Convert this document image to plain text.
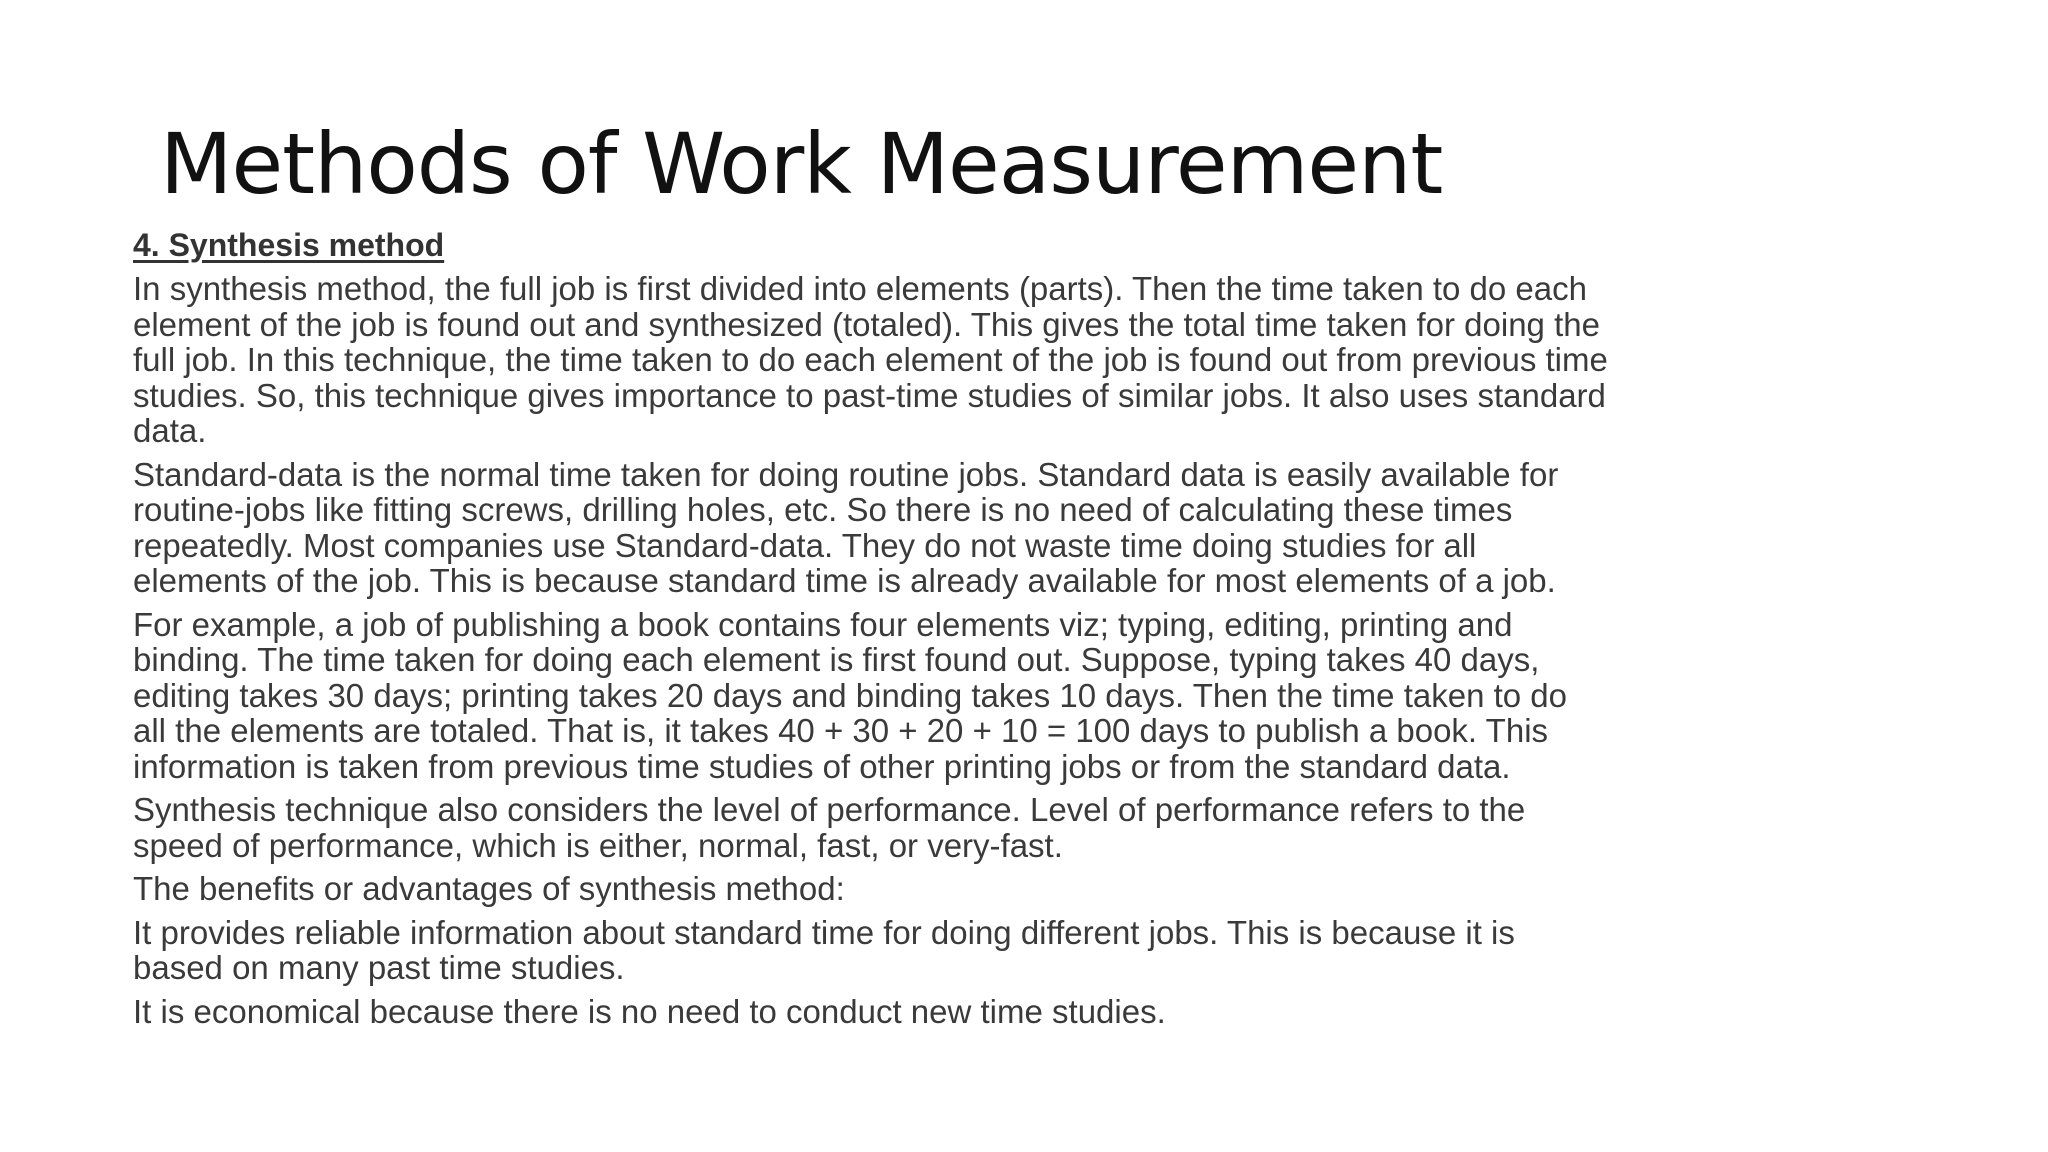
Methods of Work Measurement
4. Synthesis method

In synthesis method, the full job is first divided into elements (parts). Then the time taken to do each element of the job is found out and synthesized (totaled). This gives the total time taken for doing the full job. In this technique, the time taken to do each element of the job is found out from previous time studies. So, this technique gives importance to past-time studies of similar jobs. It also uses standard data.

Standard-data is the normal time taken for doing routine jobs. Standard data is easily available for routine-jobs like fitting screws, drilling holes, etc. So there is no need of calculating these times repeatedly. Most companies use Standard-data. They do not waste time doing studies for all elements of the job. This is because standard time is already available for most elements of a job.

For example, a job of publishing a book contains four elements viz; typing, editing, printing and binding. The time taken for doing each element is first found out. Suppose, typing takes 40 days, editing takes 30 days; printing takes 20 days and binding takes 10 days. Then the time taken to do all the elements are totaled. That is, it takes 40 + 30 + 20 + 10 = 100 days to publish a book. This information is taken from previous time studies of other printing jobs or from the standard data.

Synthesis technique also considers the level of performance. Level of performance refers to the speed of performance, which is either, normal, fast, or very-fast.

The benefits or advantages of synthesis method:

It provides reliable information about standard time for doing different jobs. This is because it is based on many past time studies.

It is economical because there is no need to conduct new time studies.
